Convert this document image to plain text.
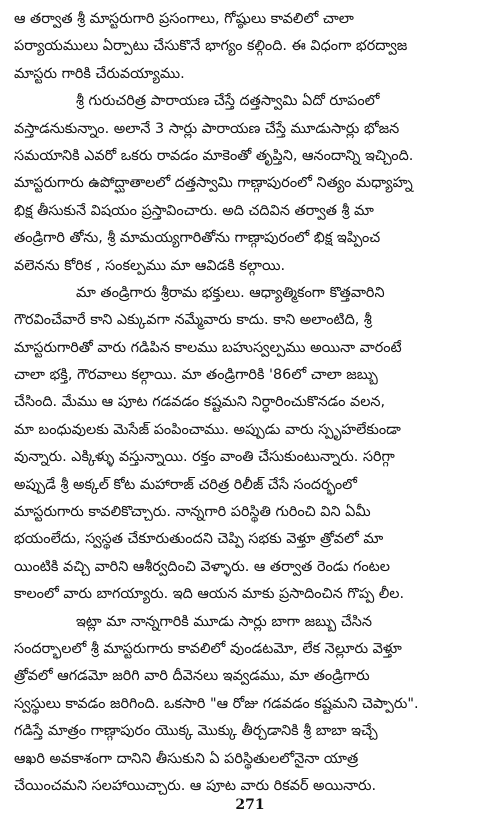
ఆ తర్వాత శ్రీ మాస్టరుగారి ప్రసంగాలు, గోష్ఠులు కావలిలో చాలా
పర్యాయములు ఏర్పాటు చేసుకొనే భాగ్యం కల్గింది. ఈ విధంగా భరద్వాజ
మాస్టరు గారికి చేరువయ్యాము.
శ్రీ గురుచరిత్ర పారాయణ చేస్తే దత్తస్వామి ఏదో రూపంలో
వస్తాడనుకున్నాం. అలానే 3 సార్లు పారాయణ చేస్తే మూడుసార్లు భోజన
సమయానికి ఎవరో ఒకరు రావడం మాకెంతో తృప్తిని, ఆనందాన్ని ఇచ్చింది.
మాస్టరుగారు ఉపోద్ఘాతాలలో దత్తస్వామి గాణ్గాపురంలో నిత్యం మధ్యాహ్న
భిక్ష తీసుకునే విషయం ప్రస్తావించారు. అది చదివిన తర్వాత శ్రీ మా
తండ్రిగారి తోను, శ్రీ మామయ్యగారితోను గాణ్గాపురంలో భిక్ష ఇప్పించ
వలెనను కోరిక , సంకల్పము మా ఆవిడకి కల్గాయి.
మా తండ్రిగారు శ్రీరామ భక్తులు. ఆధ్యాత్మికంగా కొత్తవారిని
గౌరవించేవారే కాని ఎక్కువగా నమ్మేవారు కాదు. కాని అలాంటిది, శ్రీ
మాస్టరుగారితో వారు గడిపిన కాలము బహుస్వల్పము అయినా వారంటే
చాలా భక్తి, గౌరవాలు కల్గాయి. మా తండ్రిగారికి '86లో చాలా జబ్బు
చేసింది. మేము ఆ పూట గడవడం కష్టమని నిర్ధారించుకొనడం వలన,
మా బంధువులకు మెసేజ్ పంపించాము. అప్పుడు వారు స్పృహలేకుండా
వున్నారు. ఎక్కిళ్ళు వస్తున్నాయి. రక్తం వాంతి చేసుకుంటున్నారు. సరిగ్గా
అప్పుడే శ్రీ అక్కల్ కోట మహారాజ్ చరిత్ర రిలీజ్ చేసే సందర్భంలో
మాస్టరుగారు కావలికొచ్చారు. నాన్నగారి పరిస్థితి గురించి విని ఏమీ
భయంలేదు, స్వస్థత చేకూరుతుందని చెప్పి సభకు వెళ్తూ త్రోవలో మా
యింటికి వచ్చి వారిని ఆశీర్వదించి వెళ్ళారు. ఆ తర్వాత రెండు గంటల
కాలంలో వారు బాగయ్యారు. ఇది ఆయన మాకు ప్రసాదించిన గొప్ప లీల.
ఇట్లా మా నాన్నగారికి మూడు సార్లు బాగా జబ్బు చేసిన
సందర్భాలలో శ్రీ మాస్టరుగారు కావలిలో వుండటమో, లేక నెల్లూరు వెళ్తూ
త్రోవలో ఆగడమో జరిగి వారి దీవెనలు ఇవ్వడము, మా తండ్రిగారు
స్వస్థులు కావడం జరిగింది. ఒకసారి "ఆ రోజు గడవడం కష్టమని చెప్పారు".
గడిస్తే మాత్రం గాణ్గాపురం యొక్క మొక్కు తీర్చడానికి శ్రీ బాబా ఇచ్చే
ఆఖరి అవకాశంగా దానిని తీసుకుని ఏ పరిస్థితులలోనైనా యాత్ర
చేయించమని సలహాయిచ్చారు. ఆ పూట వారు రికవర్ అయినారు.
271
